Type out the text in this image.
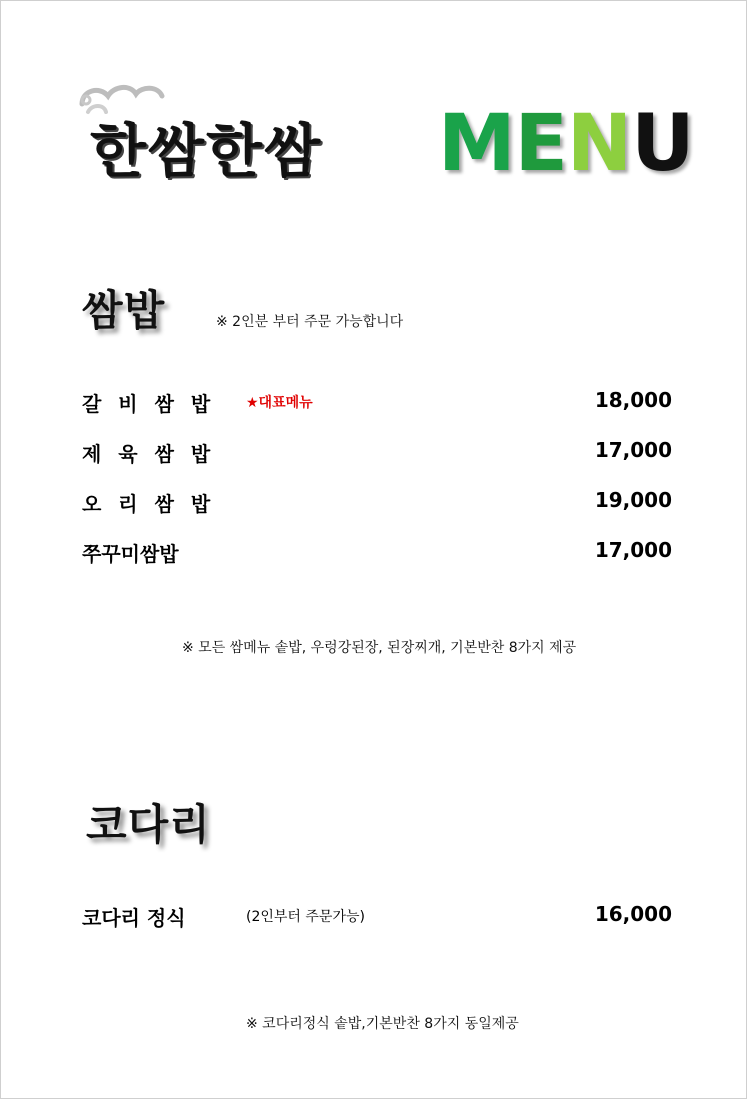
한쌈한쌈 MENU
쌈밥	※ 2인분 부터 주문 가능합니다
갈 비 쌈 밥 ★대표메뉴	18,000
제 육 쌈 밥	17,000
오 리 쌈 밥	19,000
쭈꾸미쌈밥	17,000
※ 모든 쌈메뉴 솥밥, 우렁강된장, 된장찌개, 기본반찬 8가지 제공
코다리
코다리 정식	(2인부터 주문가능)	16,000
※ 코다리정식 솥밥,기본반찬 8가지 동일제공
